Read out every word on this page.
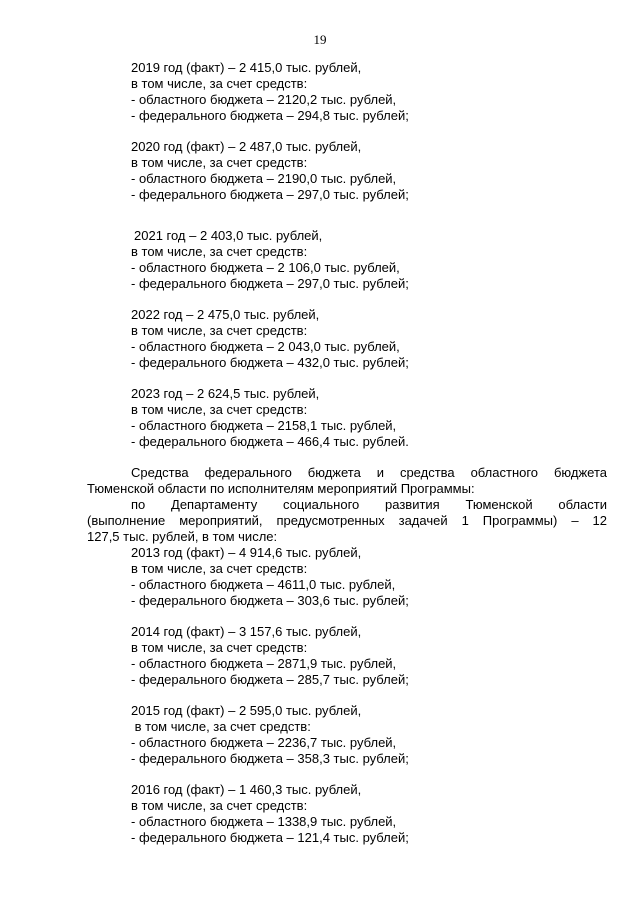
19
2019 год (факт) – 2 415,0 тыс. рублей,
в том числе, за счет средств:
- областного бюджета – 2120,2 тыс. рублей,
- федерального бюджета – 294,8 тыс. рублей;
2020 год (факт) – 2 487,0 тыс. рублей,
в том числе, за счет средств:
- областного бюджета – 2190,0 тыс. рублей,
- федерального бюджета – 297,0 тыс. рублей;
2021 год – 2 403,0 тыс. рублей,
в том числе, за счет средств:
- областного бюджета – 2 106,0 тыс. рублей,
- федерального бюджета – 297,0 тыс. рублей;
2022 год – 2 475,0 тыс. рублей,
в том числе, за счет средств:
- областного бюджета – 2 043,0 тыс. рублей,
- федерального бюджета – 432,0 тыс. рублей;
2023 год – 2 624,5 тыс. рублей,
в том числе, за счет средств:
- областного бюджета – 2158,1 тыс. рублей,
- федерального бюджета – 466,4 тыс. рублей.
Средства федерального бюджета и средства областного бюджета
Тюменской области по исполнителям мероприятий Программы:
по Департаменту социального развития Тюменской области
(выполнение мероприятий, предусмотренных задачей 1 Программы) – 12
127,5 тыс. рублей, в том числе:
2013 год (факт) – 4 914,6 тыс. рублей,
в том числе, за счет средств:
- областного бюджета – 4611,0 тыс. рублей,
- федерального бюджета – 303,6 тыс. рублей;
2014 год (факт) – 3 157,6 тыс. рублей,
в том числе, за счет средств:
- областного бюджета – 2871,9 тыс. рублей,
- федерального бюджета – 285,7 тыс. рублей;
2015 год (факт) – 2 595,0 тыс. рублей,
в том числе, за счет средств:
- областного бюджета – 2236,7 тыс. рублей,
- федерального бюджета – 358,3 тыс. рублей;
2016 год (факт) – 1 460,3 тыс. рублей,
в том числе, за счет средств:
- областного бюджета – 1338,9 тыс. рублей,
- федерального бюджета – 121,4 тыс. рублей;
